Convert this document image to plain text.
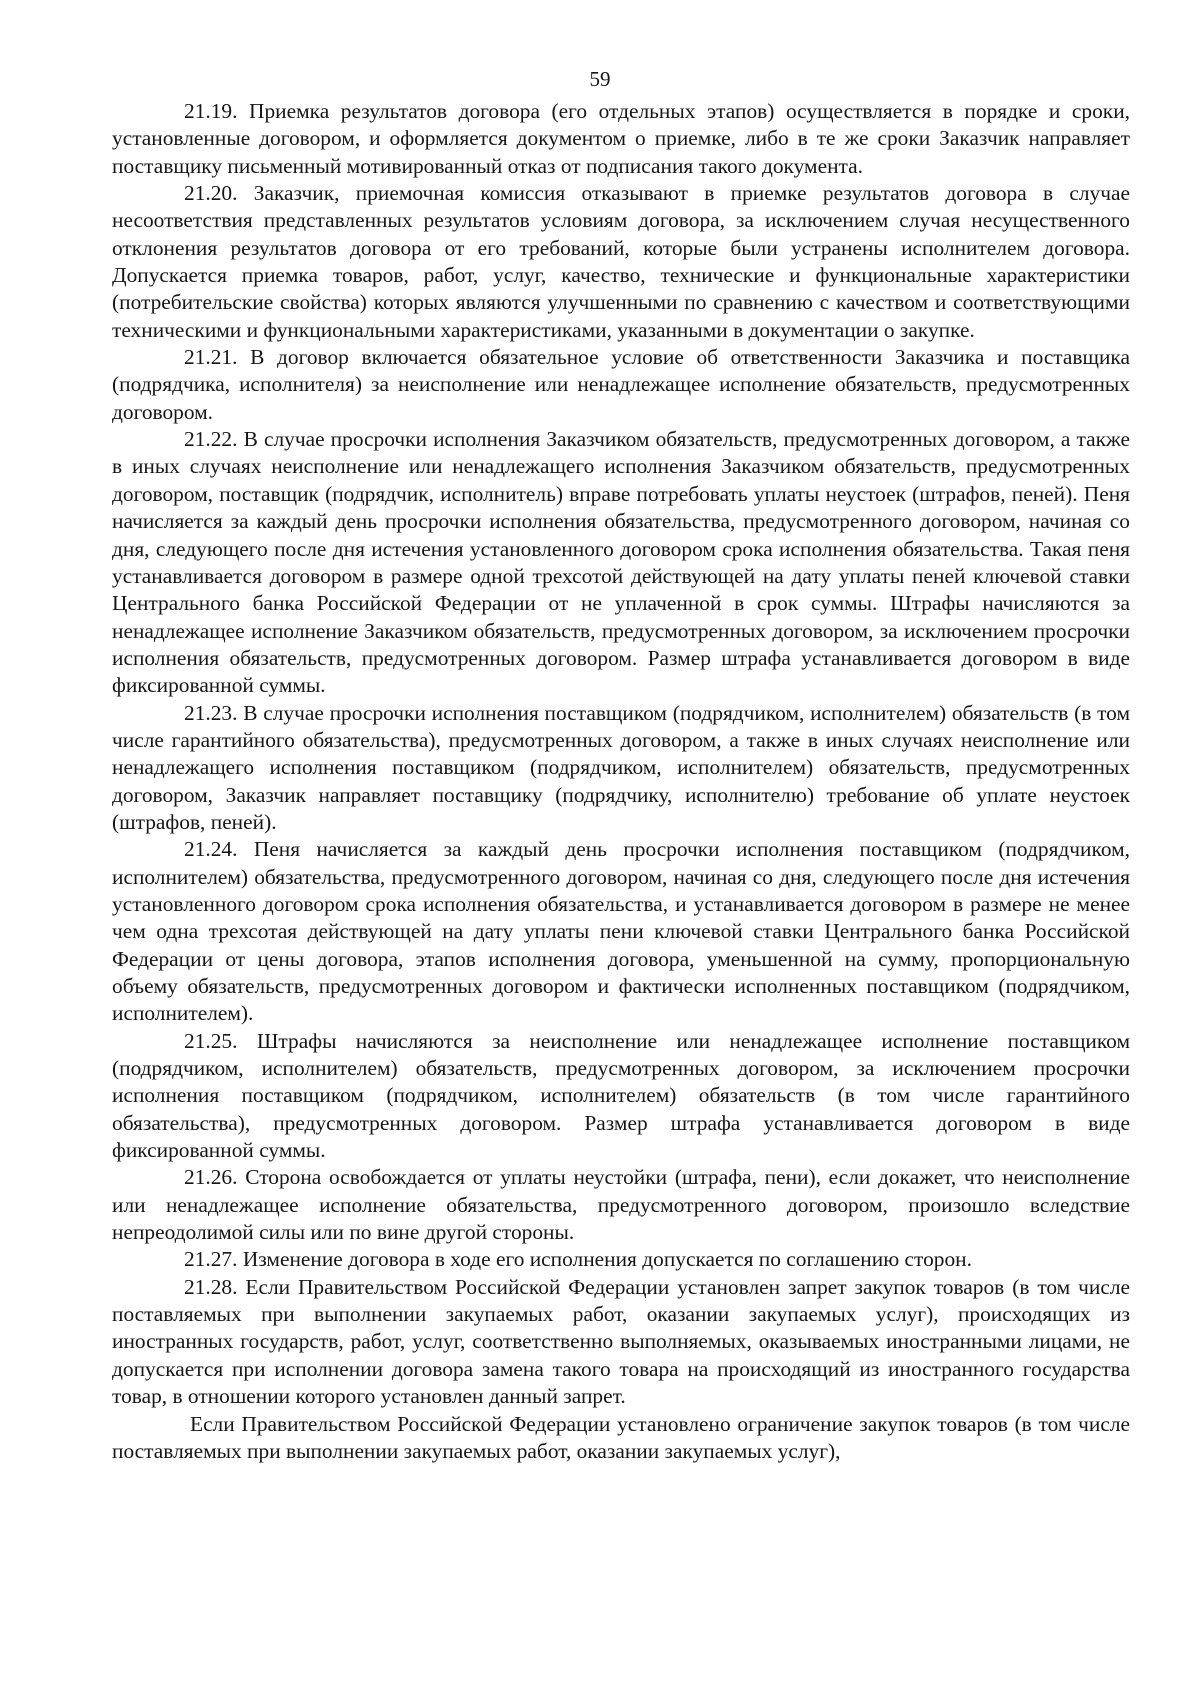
59

21.19. Приемка результатов договора (его отдельных этапов) осуществляется в порядке и сроки, установленные договором, и оформляется документом о приемке, либо в те же сроки Заказчик направляет поставщику письменный мотивированный отказ от подписания такого документа.

21.20. Заказчик, приемочная комиссия отказывают в приемке результатов договора в случае несоответствия представленных результатов условиям договора, за исключением случая несущественного отклонения результатов договора от его требований, которые были устранены исполнителем договора. Допускается приемка товаров, работ, услуг, качество, технические и функциональные характеристики (потребительские свойства) которых являются улучшенными по сравнению с качеством и соответствующими техническими и функциональными характеристиками, указанными в документации о закупке.

21.21. В договор включается обязательное условие об ответственности Заказчика и поставщика (подрядчика, исполнителя) за неисполнение или ненадлежащее исполнение обязательств, предусмотренных договором.

21.22. В случае просрочки исполнения Заказчиком обязательств, предусмотренных договором, а также в иных случаях неисполнение или ненадлежащего исполнения Заказчиком обязательств, предусмотренных договором, поставщик (подрядчик, исполнитель) вправе потребовать уплаты неустоек (штрафов, пеней). Пеня начисляется за каждый день просрочки исполнения обязательства, предусмотренного договором, начиная со дня, следующего после дня истечения установленного договором срока исполнения обязательства. Такая пеня устанавливается договором в размере одной трехсотой действующей на дату уплаты пеней ключевой ставки Центрального банка Российской Федерации от не уплаченной в срок суммы. Штрафы начисляются за ненадлежащее исполнение Заказчиком обязательств, предусмотренных договором, за исключением просрочки исполнения обязательств, предусмотренных договором. Размер штрафа устанавливается договором в виде фиксированной суммы.

21.23. В случае просрочки исполнения поставщиком (подрядчиком, исполнителем) обязательств (в том числе гарантийного обязательства), предусмотренных договором, а также в иных случаях неисполнение или ненадлежащего исполнения поставщиком (подрядчиком, исполнителем) обязательств, предусмотренных договором, Заказчик направляет поставщику (подрядчику, исполнителю) требование об уплате неустоек (штрафов, пеней).

21.24. Пеня начисляется за каждый день просрочки исполнения поставщиком (подрядчиком, исполнителем) обязательства, предусмотренного договором, начиная со дня, следующего после дня истечения установленного договором срока исполнения обязательства, и устанавливается договором в размере не менее чем одна трехсотая действующей на дату уплаты пени ключевой ставки Центрального банка Российской Федерации от цены договора, этапов исполнения договора, уменьшенной на сумму, пропорциональную объему обязательств, предусмотренных договором и фактически исполненных поставщиком (подрядчиком, исполнителем).

21.25. Штрафы начисляются за неисполнение или ненадлежащее исполнение поставщиком (подрядчиком, исполнителем) обязательств, предусмотренных договором, за исключением просрочки исполнения поставщиком (подрядчиком, исполнителем) обязательств (в том числе гарантийного обязательства), предусмотренных договором. Размер штрафа устанавливается договором в виде фиксированной суммы.

21.26. Сторона освобождается от уплаты неустойки (штрафа, пени), если докажет, что неисполнение или ненадлежащее исполнение обязательства, предусмотренного договором, произошло вследствие непреодолимой силы или по вине другой стороны.

21.27. Изменение договора в ходе его исполнения допускается по соглашению сторон.

21.28. Если Правительством Российской Федерации установлен запрет закупок товаров (в том числе поставляемых при выполнении закупаемых работ, оказании закупаемых услуг), происходящих из иностранных государств, работ, услуг, соответственно выполняемых, оказываемых иностранными лицами, не допускается при исполнении договора замена такого товара на происходящий из иностранного государства товар, в отношении которого установлен данный запрет.

Если Правительством Российской Федерации установлено ограничение закупок товаров (в том числе поставляемых при выполнении закупаемых работ, оказании закупаемых услуг),
